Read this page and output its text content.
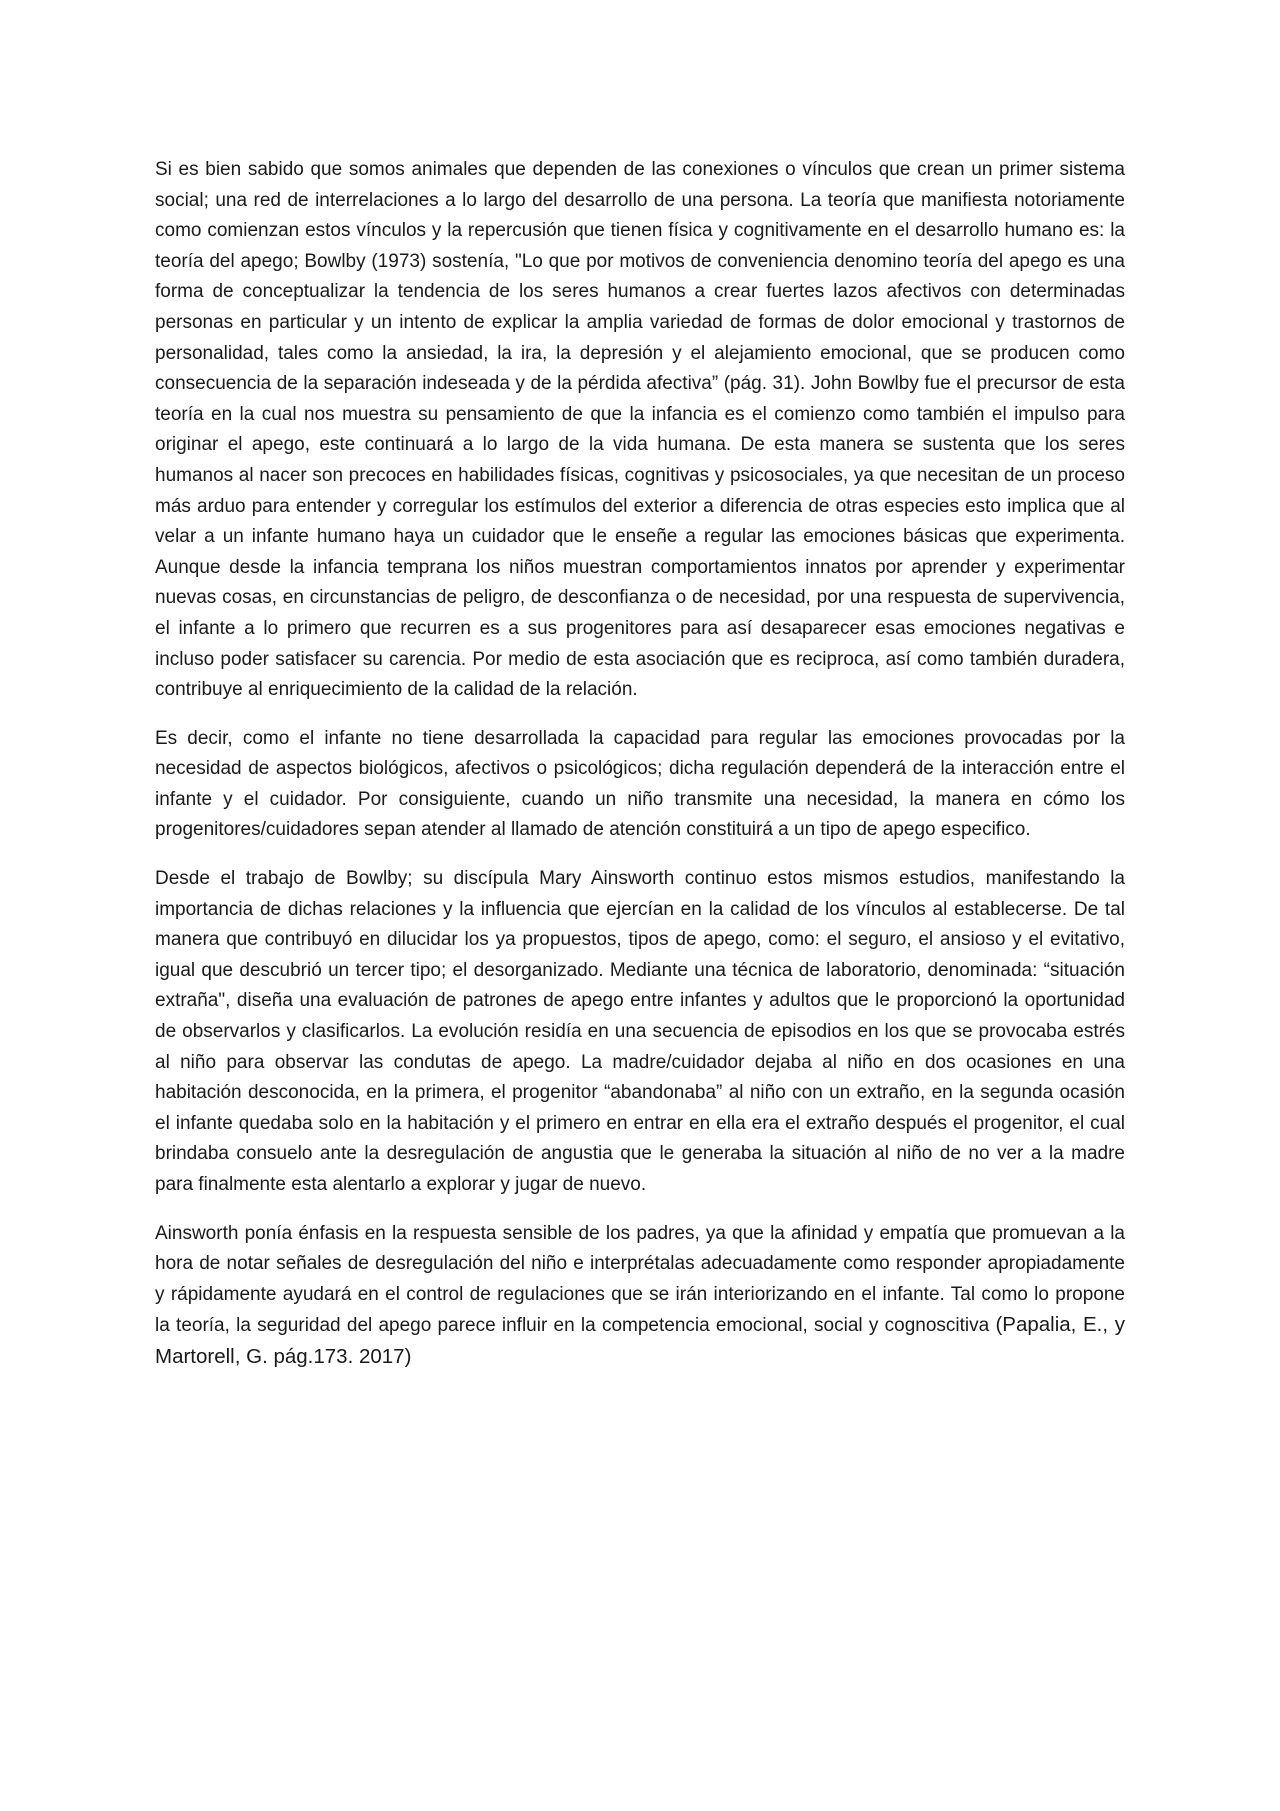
Si es bien sabido que somos animales que dependen de las conexiones o vínculos que crean un primer sistema social; una red de interrelaciones a lo largo del desarrollo de una persona. La teoría que manifiesta notoriamente como comienzan estos vínculos y la repercusión que tienen física y cognitivamente en el desarrollo humano es: la teoría del apego; Bowlby (1973) sostenía, "Lo que por motivos de conveniencia denomino teoría del apego es una forma de conceptualizar la tendencia de los seres humanos a crear fuertes lazos afectivos con determinadas personas en particular y un intento de explicar la amplia variedad de formas de dolor emocional y trastornos de personalidad, tales como la ansiedad, la ira, la depresión y el alejamiento emocional, que se producen como consecuencia de la separación indeseada y de la pérdida afectiva” (pág. 31). John Bowlby fue el precursor de esta teoría en la cual nos muestra su pensamiento de que la infancia es el comienzo como también el impulso para originar el apego, este continuará a lo largo de la vida humana. De esta manera se sustenta que los seres humanos al nacer son precoces en habilidades físicas, cognitivas y psicosociales, ya que necesitan de un proceso más arduo para entender y corregular los estímulos del exterior a diferencia de otras especies esto implica que al velar a un infante humano haya un cuidador que le enseñe a regular las emociones básicas que experimenta. Aunque desde la infancia temprana los niños muestran comportamientos innatos por aprender y experimentar nuevas cosas, en circunstancias de peligro, de desconfianza o de necesidad, por una respuesta de supervivencia, el infante a lo primero que recurren es a sus progenitores para así desaparecer esas emociones negativas e incluso poder satisfacer su carencia. Por medio de esta asociación que es reciproca, así como también duradera, contribuye al enriquecimiento de la calidad de la relación.

Es decir, como el infante no tiene desarrollada la capacidad para regular las emociones provocadas por la necesidad de aspectos biológicos, afectivos o psicológicos; dicha regulación dependerá de la interacción entre el infante y el cuidador. Por consiguiente, cuando un niño transmite una necesidad, la manera en cómo los progenitores/cuidadores sepan atender al llamado de atención constituirá a un tipo de apego especifico.

Desde el trabajo de Bowlby; su discípula Mary Ainsworth continuo estos mismos estudios, manifestando la importancia de dichas relaciones y la influencia que ejercían en la calidad de los vínculos al establecerse. De tal manera que contribuyó en dilucidar los ya propuestos, tipos de apego, como: el seguro, el ansioso y el evitativo, igual que descubrió un tercer tipo; el desorganizado. Mediante una técnica de laboratorio, denominada: “situación extraña", diseña una evaluación de patrones de apego entre infantes y adultos que le proporcionó la oportunidad de observarlos y clasificarlos. La evolución residía en una secuencia de episodios en los que se provocaba estrés al niño para observar las condutas de apego. La madre/cuidador dejaba al niño en dos ocasiones en una habitación desconocida, en la primera, el progenitor “abandonaba” al niño con un extraño, en la segunda ocasión el infante quedaba solo en la habitación y el primero en entrar en ella era el extraño después el progenitor, el cual brindaba consuelo ante la desregulación de angustia que le generaba la situación al niño de no ver a la madre para finalmente esta alentarlo a explorar y jugar de nuevo.

Ainsworth ponía énfasis en la respuesta sensible de los padres, ya que la afinidad y empatía que promuevan a la hora de notar señales de desregulación del niño e interprétalas adecuadamente como responder apropiadamente y rápidamente ayudará en el control de regulaciones que se irán interiorizando en el infante. Tal como lo propone la teoría, la seguridad del apego parece influir en la competencia emocional, social y cognoscitiva (Papalia, E., y Martorell, G. pág.173. 2017)
